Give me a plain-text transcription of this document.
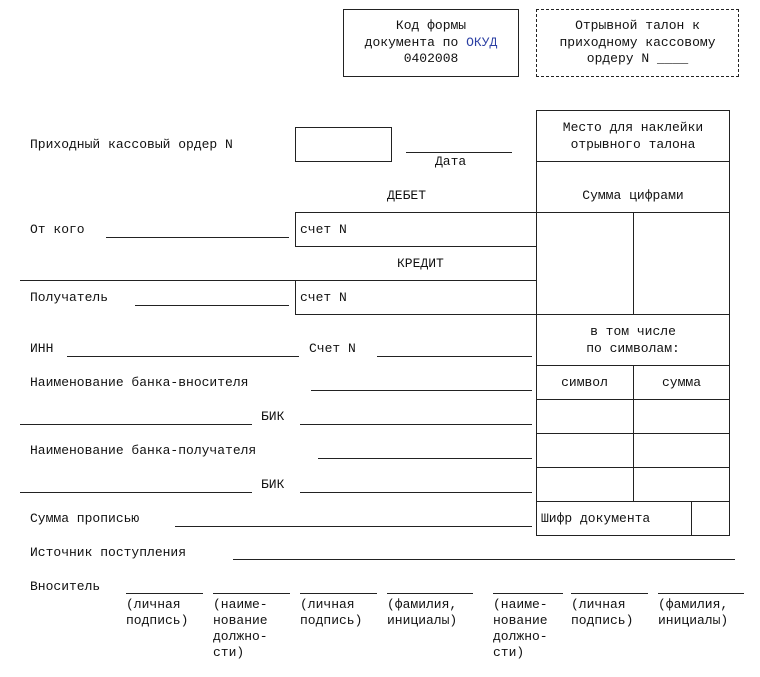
Код формы
документа по ОКУД
0402008
Отрывной талон к
приходному кассовому
ордеру N ____
Приходный кассовый ордер N
Дата
ДЕБЕТ
От кого	счет N
КРЕДИТ
Получатель	счет N
ИНН	Счет N
Наименование банка-вносителя
БИК
Наименование банка-получателя
БИК
Сумма прописью
Источник поступления
Вноситель
(личная
подпись)
(наиме-
нование
должно-
сти)
(личная
подпись)
(фамилия,
инициалы)
(наиме-
нование
должно-
сти)
(личная
подпись)
(фамилия,
инициалы)
Место для наклейки
отрывного талона
Сумма цифрами
в том числе
по символам:
символ	сумма
Шифр документа
